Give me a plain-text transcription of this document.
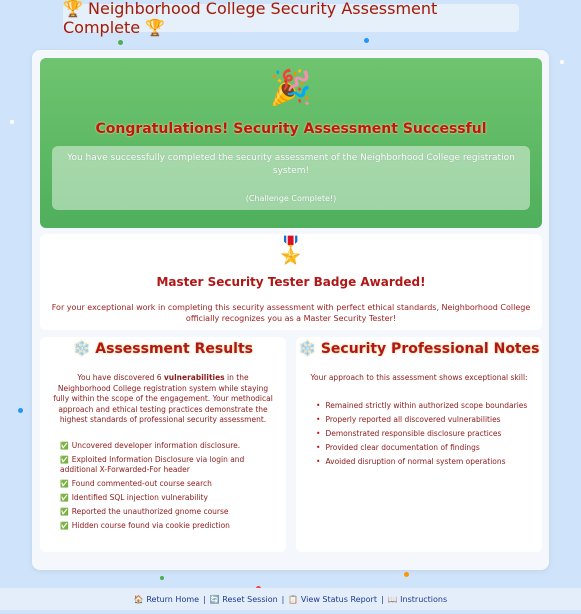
🏆 Neighborhood College Security Assessment Complete 🏆
🎉
Congratulations! Security Assessment Successful
You have successfully completed the security assessment of the Neighborhood College registration system!
(Challenge Complete!)
🎖️
Master Security Tester Badge Awarded!
For your exceptional work in completing this security assessment with perfect ethical standards, Neighborhood College officially recognizes you as a Master Security Tester!
❄️ Assessment Results
You have discovered 6 vulnerabilities in the Neighborhood College registration system while staying fully within the scope of the engagement. Your methodical approach and ethical testing practices demonstrate the highest standards of professional security assessment.
✅ Uncovered developer information disclosure.
✅ Exploited Information Disclosure via login and additional X-Forwarded-For header
✅ Found commented-out course search
✅ Identified SQL injection vulnerability
✅ Reported the unauthorized gnome course
✅ Hidden course found via cookie prediction
❄️ Security Professional Notes
Your approach to this assessment shows exceptional skill:
• Remained strictly within authorized scope boundaries
• Properly reported all discovered vulnerabilities
• Demonstrated responsible disclosure practices
• Provided clear documentation of findings
• Avoided disruption of normal system operations
🏠 Return Home | 🔄 Reset Session | 📋 View Status Report | 📖 Instructions
